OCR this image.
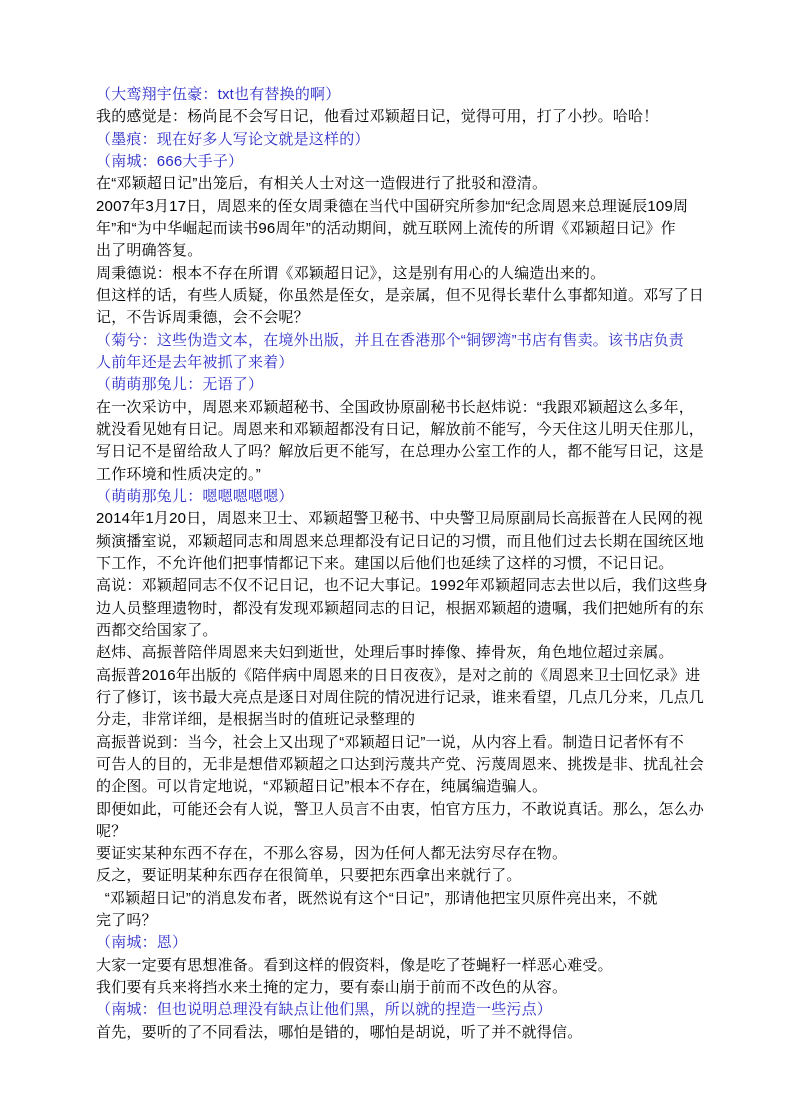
（大鸾翔宇伍豪：txt也有替换的啊）
我的感觉是：杨尚昆不会写日记，他看过邓颖超日记，觉得可用，打了小抄。哈哈！
（墨痕：现在好多人写论文就是这样的）
（南城：666大手子）
在“邓颖超日记”出笼后，有相关人士对这一造假进行了批驳和澄清。
2007年3月17日，周恩来的侄女周秉德在当代中国研究所参加“纪念周恩来总理诞辰109周
年”和“为中华崛起而读书96周年”的活动期间，就互联网上流传的所谓《邓颖超日记》作
出了明确答复。
周秉德说：根本不存在所谓《邓颖超日记》，这是别有用心的人编造出来的。
但这样的话，有些人质疑，你虽然是侄女，是亲属，但不见得长辈什么事都知道。邓写了日
记，不告诉周秉德，会不会呢？
（菊兮：这些伪造文本，在境外出版，并且在香港那个“铜锣湾”书店有售卖。该书店负责
人前年还是去年被抓了来着）
（萌萌那兔儿：无语了）
在一次采访中，周恩来邓颖超秘书、全国政协原副秘书长赵炜说：“我跟邓颖超这么多年，
就没看见她有日记。周恩来和邓颖超都没有日记，解放前不能写，今天住这儿明天住那儿，
写日记不是留给敌人了吗？解放后更不能写，在总理办公室工作的人，都不能写日记，这是
工作环境和性质决定的。”
（萌萌那兔儿：嗯嗯嗯嗯嗯）
2014年1月20日，周恩来卫士、邓颖超警卫秘书、中央警卫局原副局长高振普在人民网的视
频演播室说，邓颖超同志和周恩来总理都没有记日记的习惯，而且他们过去长期在国统区地
下工作，不允许他们把事情都记下来。建国以后他们也延续了这样的习惯，不记日记。
高说：邓颖超同志不仅不记日记，也不记大事记。1992年邓颖超同志去世以后，我们这些身
边人员整理遗物时，都没有发现邓颖超同志的日记，根据邓颖超的遗嘱，我们把她所有的东
西都交给国家了。
赵炜、高振普陪伴周恩来夫妇到逝世，处理后事时捧像、捧骨灰，角色地位超过亲属。
高振普2016年出版的《陪伴病中周恩来的日日夜夜》，是对之前的《周恩来卫士回忆录》进
行了修订，该书最大亮点是逐日对周住院的情况进行记录，谁来看望，几点几分来，几点几
分走，非常详细，是根据当时的值班记录整理的
高振普说到：当今，社会上又出现了“邓颖超日记”一说，从内容上看。制造日记者怀有不
可告人的目的，无非是想借邓颖超之口达到污蔑共产党、污蔑周恩来、挑拨是非、扰乱社会
的企图。可以肯定地说，“邓颖超日记”根本不存在，纯属编造骗人。
即便如此，可能还会有人说，警卫人员言不由衷，怕官方压力，不敢说真话。那么，怎么办
呢？
要证实某种东西不存在，不那么容易，因为任何人都无法穷尽存在物。
反之，要证明某种东西存在很简单，只要把东西拿出来就行了。
“邓颖超日记”的消息发布者，既然说有这个“日记”，那请他把宝贝原件亮出来，不就
完了吗？
（南城：恩）
大家一定要有思想准备。看到这样的假资料，像是吃了苍蝇籽一样恶心难受。
我们要有兵来将挡水来土掩的定力，要有泰山崩于前而不改色的从容。
（南城：但也说明总理没有缺点让他们黑，所以就的捏造一些污点）
首先，要听的了不同看法，哪怕是错的，哪怕是胡说，听了并不就得信。
